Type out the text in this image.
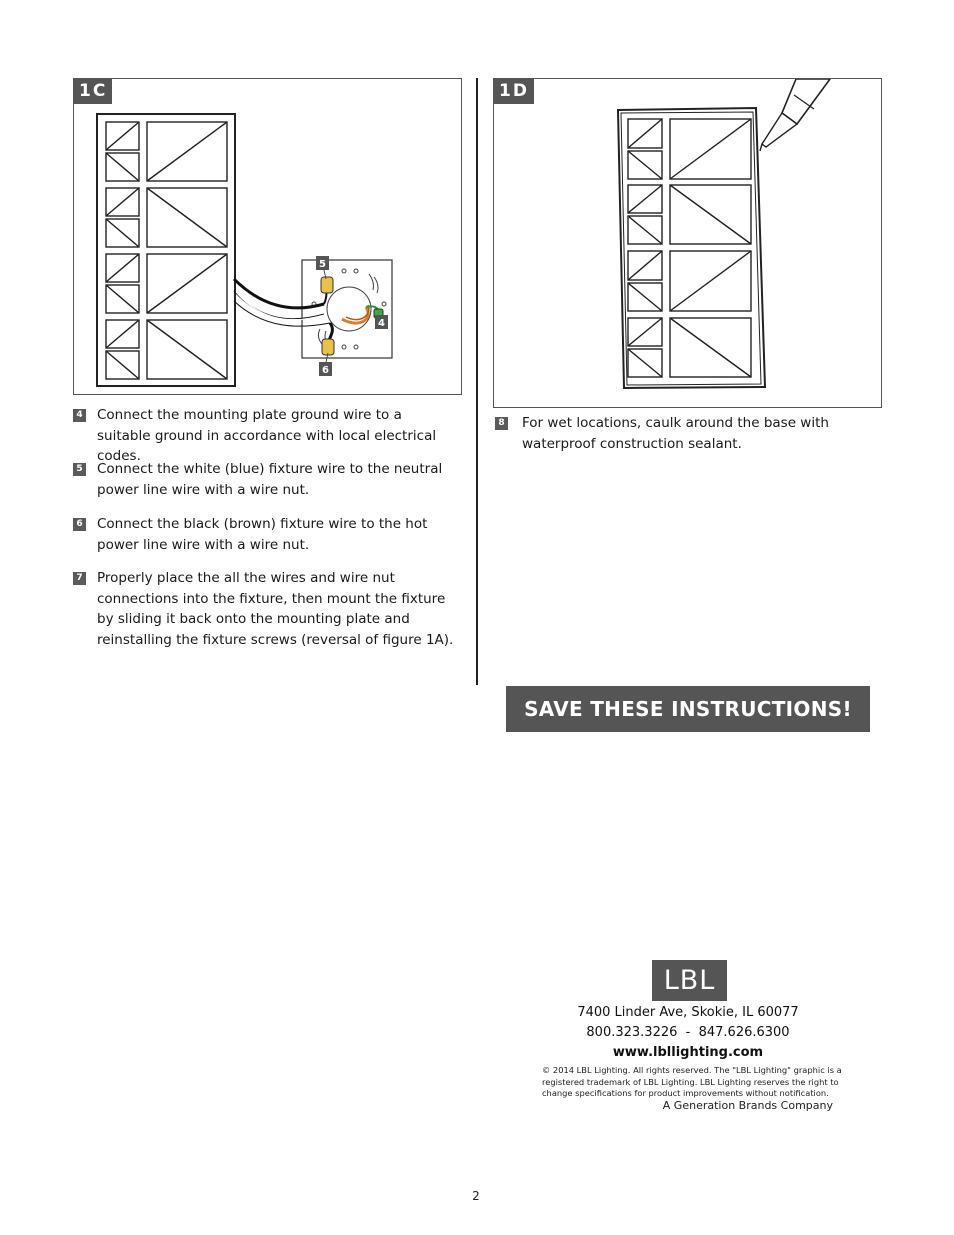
5
4
6
1C	1D
4 Connect the mounting plate ground wire to a suitable ground in accordance with local electrical codes.
5 Connect the white (blue) fixture wire to the neutral power line wire with a wire nut.
6 Connect the black (brown) fixture wire to the hot power line wire with a wire nut.
7 Properly place the all the wires and wire nut connections into the fixture, then mount the fixture by sliding it back onto the mounting plate and reinstalling the fixture screws (reversal of figure 1A).
8 For wet locations, caulk around the base with waterproof construction sealant.
SAVE THESE INSTRUCTIONS!
LBL
7400 Linder Ave, Skokie, IL 60077
800.323.3226  -  847.626.6300
www.lbllighting.com
© 2014 LBL Lighting. All rights reserved. The "LBL Lighting" graphic is a registered trademark of LBL Lighting. LBL Lighting reserves the right to change specifications for product improvements without notification.
A Generation Brands Company
2
